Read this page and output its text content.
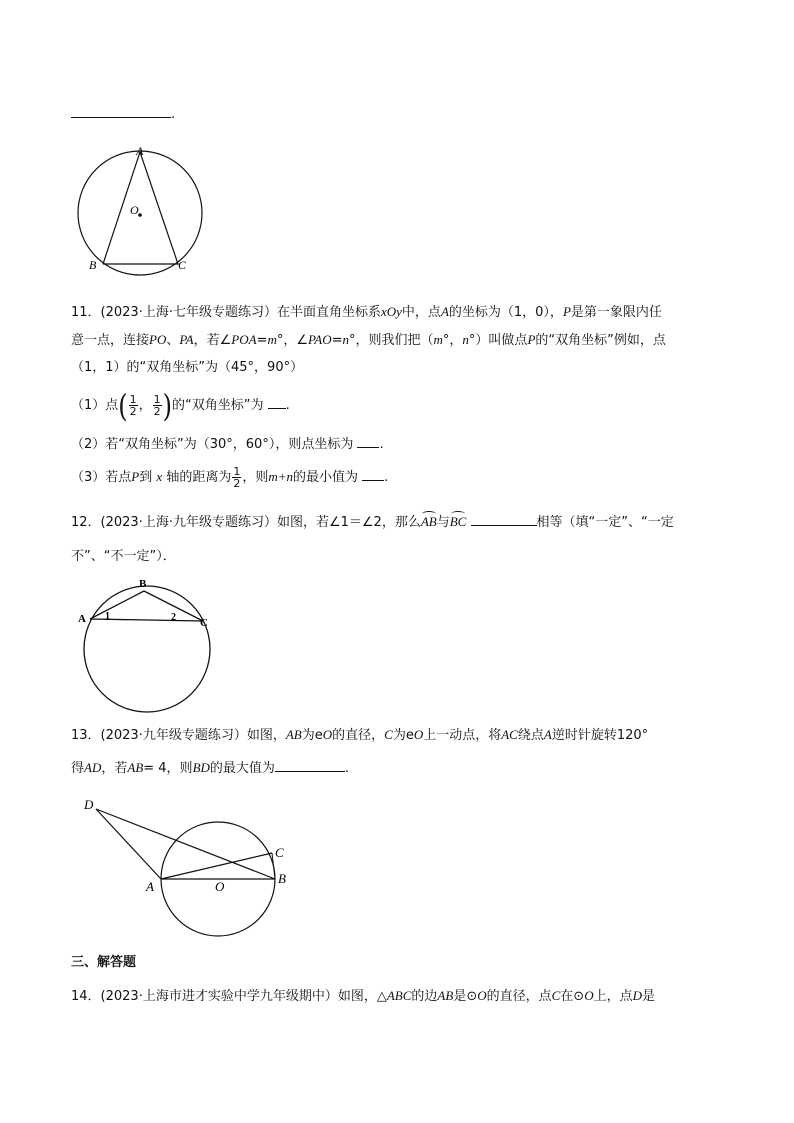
.
A
O
B	C
11．(2023·上海·七年级专题练习）在半面直角坐标系xOy中，点A的坐标为（1，0），P是第一象限内任
意一点，连接PO、PA，若∠POA=m°，∠PAO=n°，则我们把（m°，n°）叫做点P的“双角坐标”例如，点
（1，1）的“双角坐标”为（45°，90°）
（1）点( $\frac{1}{2}$ ， $\frac{1}{2}$ )的“双角坐标”为 .
（2）若“双角坐标”为（30°，60°），则点坐标为 .
（3）若点P到 x 轴的距离为 $\frac{1}{2}$ ，则m+n的最小值为 .
12．(2023·上海·九年级专题练习）如图，若∠1＝∠2，那么AB与BC	相等（填“一定”、“一定
不”、“不一定”）．
A
B
C
1	2
13．(2023·九年级专题练习）如图，AB为eO的直径，C为eO上一动点，将AC绕点A逆时针旋转120°
得AD，若AB= 4，则BD的最大值为	.
D
C
A	O
B
三、解答题
14．(2023·上海市进才实验中学九年级期中）如图，△ABC的边AB是⊙O的直径，点C在⊙O上，点D是
